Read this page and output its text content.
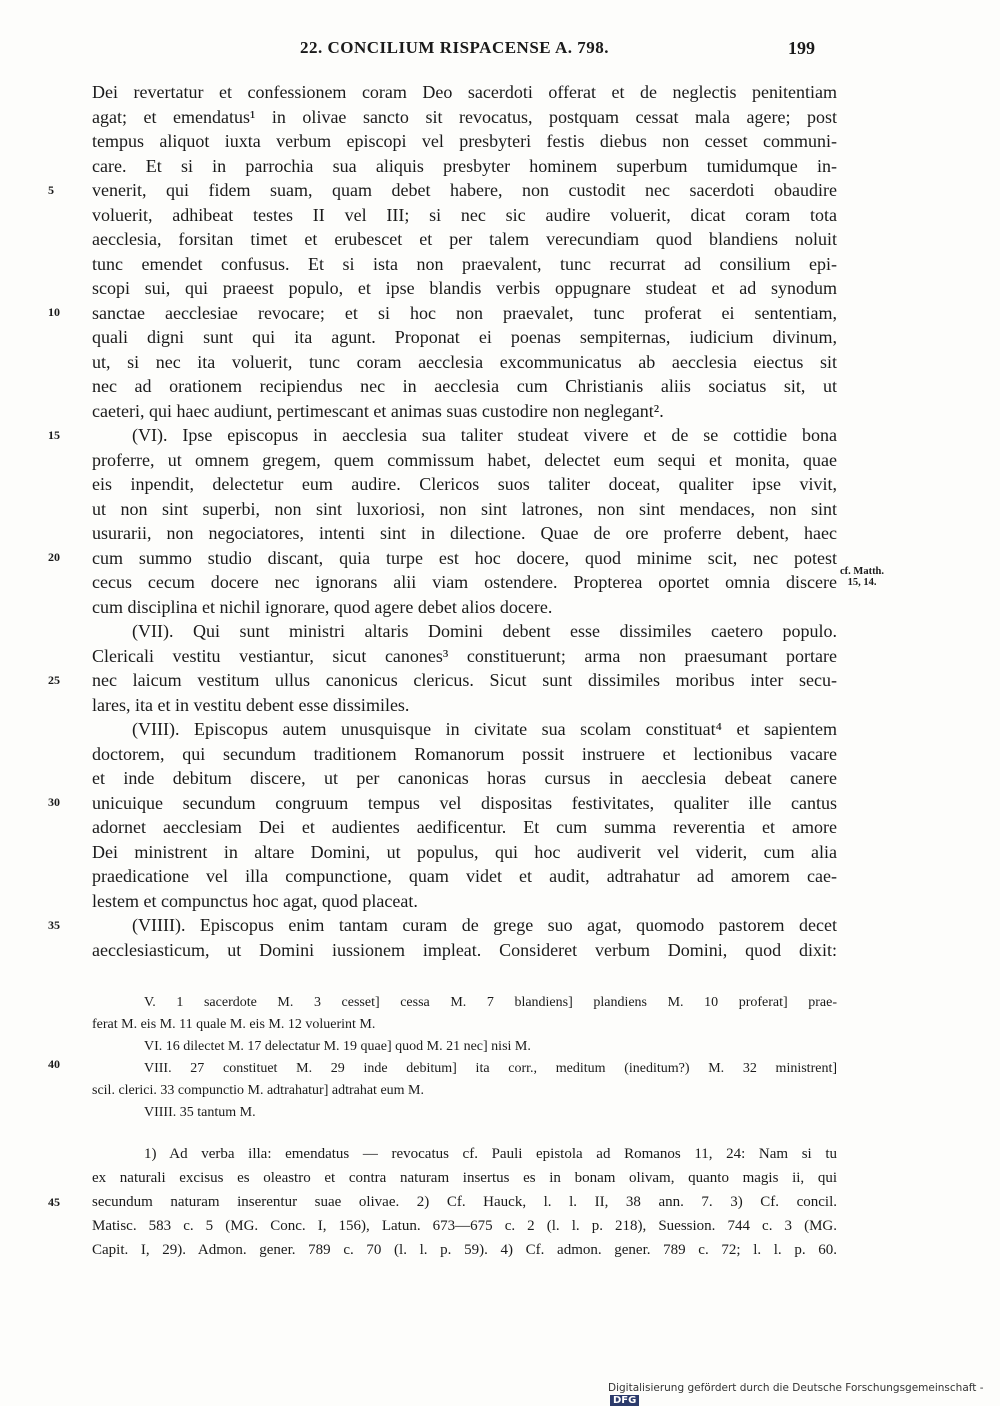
22. CONCILIUM RISPACENSE A. 798.	199
Dei revertatur et confessionem coram Deo sacerdoti offerat et de neglectis penitentiam
agat; et emendatus¹ in olivae sancto sit revocatus, postquam cessat mala agere; post
tempus aliquot iuxta verbum episcopi vel presbyteri festis diebus non cesset communi-
care. Et si in parrochia sua aliquis presbyter hominem superbum tumidumque in-
venerit, qui fidem suam, quam debet habere, non custodit nec sacerdoti obaudire
voluerit, adhibeat testes II vel III; si nec sic audire voluerit, dicat coram tota
aecclesia, forsitan timet et erubescet et per talem verecundiam quod blandiens noluit
tunc emendet confusus. Et si ista non praevalent, tunc recurrat ad consilium epi-
scopi sui, qui praeest populo, et ipse blandis verbis oppugnare studeat et ad synodum
sanctae aecclesiae revocare; et si hoc non praevalet, tunc proferat ei sententiam,
quali digni sunt qui ita agunt. Proponat ei poenas sempiternas, iudicium divinum,
ut, si nec ita voluerit, tunc coram aecclesia excommunicatus ab aecclesia eiectus sit
nec ad orationem recipiendus nec in aecclesia cum Christianis aliis sociatus sit, ut
caeteri, qui haec audiunt, pertimescant et animas suas custodire non neglegant².
(VI). Ipse episcopus in aecclesia sua taliter studeat vivere et de se cottidie bona
proferre, ut omnem gregem, quem commissum habet, delectet eum sequi et monita, quae
eis inpendit, delectetur eum audire. Clericos suos taliter doceat, qualiter ipse vivit,
ut non sint superbi, non sint luxoriosi, non sint latrones, non sint mendaces, non sint
usurarii, non negociatores, intenti sint in dilectione. Quae de ore proferre debent, haec
cum summo studio discant, quia turpe est hoc docere, quod minime scit, nec potest
cecus cecum docere nec ignorans alii viam ostendere. Propterea oportet omnia discere
cum disciplina et nichil ignorare, quod agere debet alios docere.
(VII). Qui sunt ministri altaris Domini debent esse dissimiles caetero populo.
Clericali vestitu vestiantur, sicut canones³ constituerunt; arma non praesumant portare
nec laicum vestitum ullus canonicus clericus. Sicut sunt dissimiles moribus inter secu-
lares, ita et in vestitu debent esse dissimiles.
(VIII). Episcopus autem unusquisque in civitate sua scolam constituat⁴ et sapientem
doctorem, qui secundum traditionem Romanorum possit instruere et lectionibus vacare
et inde debitum discere, ut per canonicas horas cursus in aecclesia debeat canere
unicuique secundum congruum tempus vel dispositas festivitates, qualiter ille cantus
adornet aecclesiam Dei et audientes aedificentur. Et cum summa reverentia et amore
Dei ministrent in altare Domini, ut populus, qui hoc audiverit vel viderit, cum alia
praedicatione vel illa compunctione, quam videt et audit, adtrahatur ad amorem cae-
lestem et compunctus hoc agat, quod placeat.
(VIIII). Episcopus enim tantam curam de grege suo agat, quomodo pastorem decet
aecclesiasticum, ut Domini iussionem impleat. Consideret verbum Domini, quod dixit:
5
10
15
20
25
30
35
40
45
cf. Matth.
15, 14.
V. 1 sacerdote M. 3 cesset] cessa M. 7 blandiens] plandiens M. 10 proferat] prae-
ferat M. eis M. 11 quale M. eis M. 12 voluerint M.
VI. 16 dilectet M. 17 delectatur M. 19 quae] quod M. 21 nec] nisi M.
VIII. 27 constituet M. 29 inde debitum] ita corr., meditum (ineditum?) M. 32 ministrent]
scil. clerici. 33 compunctio M. adtrahatur] adtrahat eum M.
VIIII. 35 tantum M.
1) Ad verba illa: emendatus — revocatus cf. Pauli epistola ad Romanos 11, 24: Nam si tu
ex naturali excisus es oleastro et contra naturam insertus es in bonam olivam, quanto magis ii, qui
secundum naturam inserentur suae olivae. 2) Cf. Hauck, l. l. II, 38 ann. 7. 3) Cf. concil.
Matisc. 583 c. 5 (MG. Conc. I, 156), Latun. 673—675 c. 2 (l. l. p. 218), Suession. 744 c. 3 (MG.
Capit. I, 29). Admon. gener. 789 c. 70 (l. l. p. 59). 4) Cf. admon. gener. 789 c. 72; l. l. p. 60.
Digitalisierung gefördert durch die Deutsche Forschungsgemeinschaft -DFG
